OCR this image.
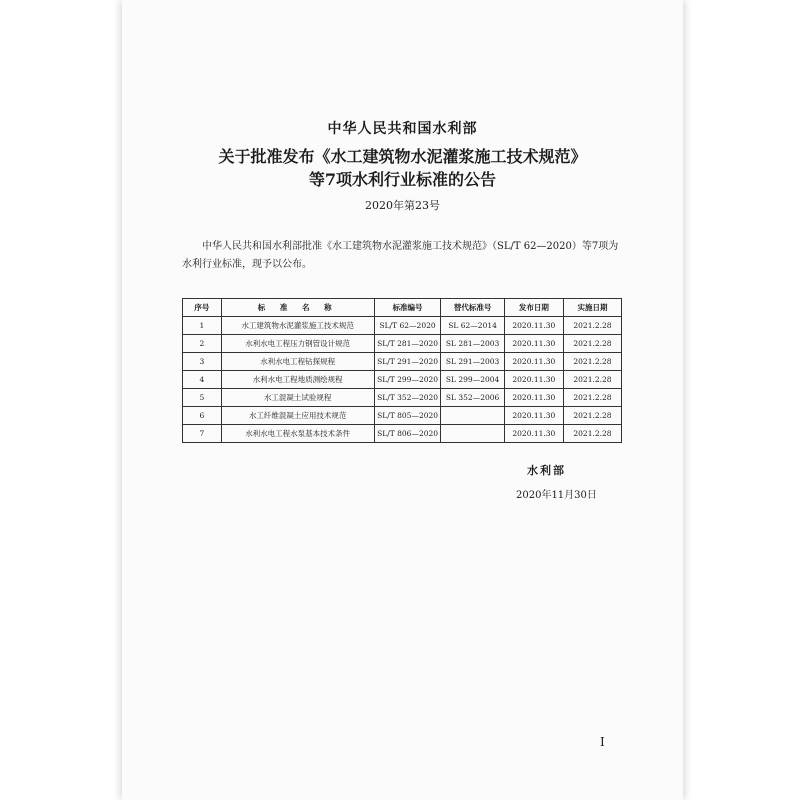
中华人民共和国水利部
关于批准发布《水工建筑物水泥灌浆施工技术规范》
等7项水利行业标准的公告
2020年第23号
中华人民共和国水利部批准《水工建筑物水泥灌浆施工技术规范》（SL/T 62—2020）等7项为水利行业标准，现予以公布。
序号	标 准 名 称	标准编号	替代标准号	发布日期	实施日期
1	水工建筑物水泥灌浆施工技术规范	SL/T 62—2020	SL 62—2014	2020.11.30	2021.2.28
2	水利水电工程压力钢管设计规范	SL/T 281—2020	SL 281—2003	2020.11.30	2021.2.28
3	水利水电工程钻探规程	SL/T 291—2020	SL 291—2003	2020.11.30	2021.2.28
4	水利水电工程地质测绘规程	SL/T 299—2020	SL 299—2004	2020.11.30	2021.2.28
5	水工混凝土试验规程	SL/T 352—2020	SL 352—2006	2020.11.30	2021.2.28
6	水工纤维混凝土应用技术规范	SL/T 805—2020		2020.11.30	2021.2.28
7	水利水电工程水泵基本技术条件	SL/T 806—2020		2020.11.30	2021.2.28
水利部
2020年11月30日
I
